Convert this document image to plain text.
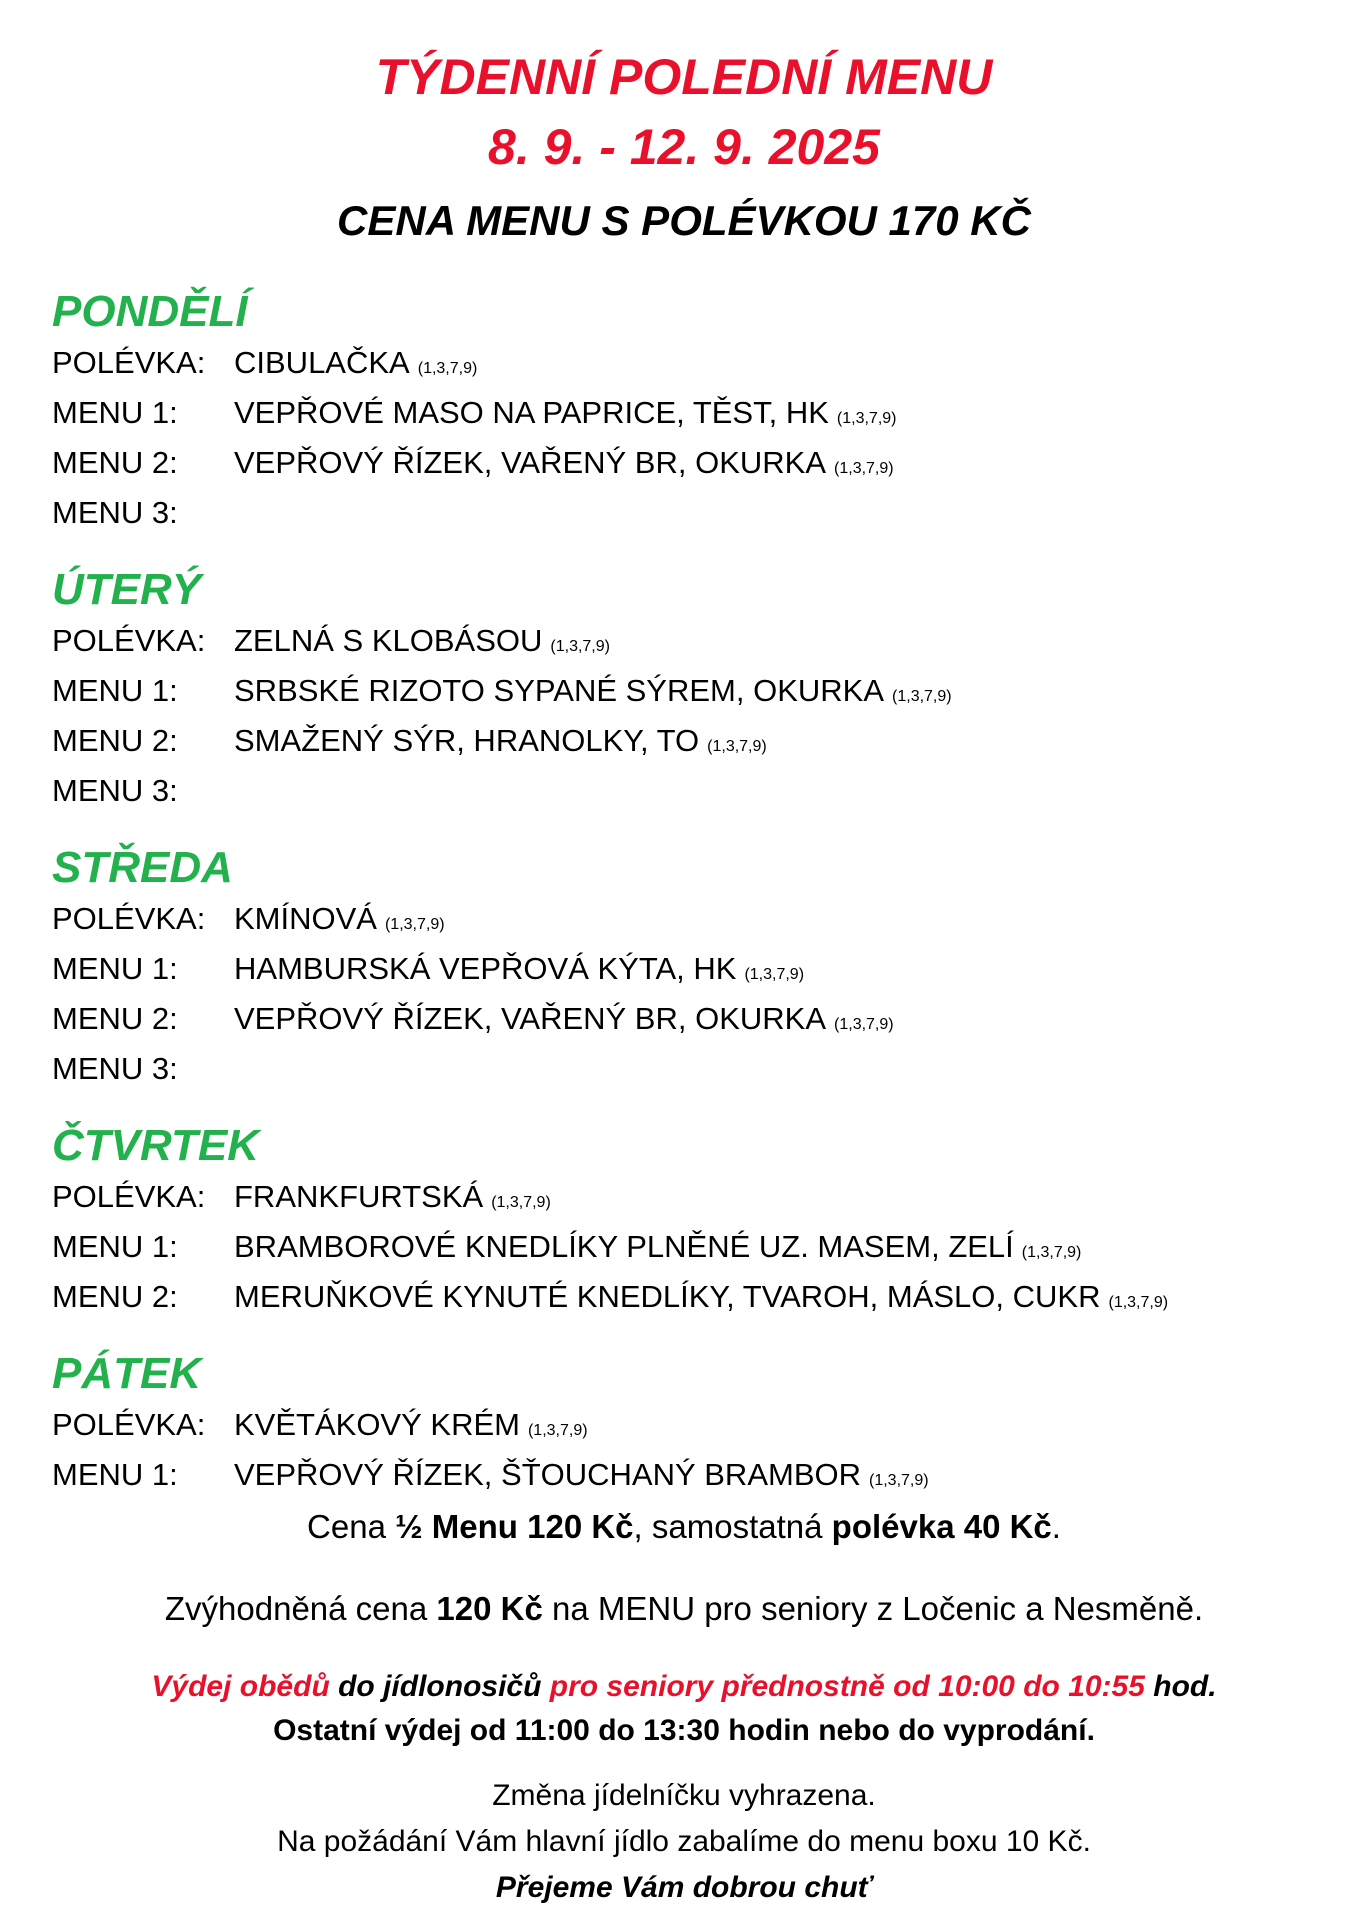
TÝDENNÍ POLEDNÍ MENU
8. 9. - 12. 9. 2025
CENA MENU S POLÉVKOU 170 KČ
PONDĚLÍ
POLÉVKA: CIBULAČKA (1,3,7,9)
MENU 1:	VEPŘOVÉ MASO NA PAPRICE, TĚST, HK (1,3,7,9)
MENU 2:	VEPŘOVÝ ŘÍZEK, VAŘENÝ BR, OKURKA (1,3,7,9)
MENU 3:
ÚTERÝ
POLÉVKA: ZELNÁ S KLOBÁSOU (1,3,7,9)
MENU 1:	SRBSKÉ RIZOTO SYPANÉ SÝREM, OKURKA (1,3,7,9)
MENU 2:	SMAŽENÝ SÝR, HRANOLKY, TO (1,3,7,9)
MENU 3:
STŘEDA
POLÉVKA: KMÍNOVÁ (1,3,7,9)
MENU 1:	HAMBURSKÁ VEPŘOVÁ KÝTA, HK (1,3,7,9)
MENU 2:	VEPŘOVÝ ŘÍZEK, VAŘENÝ BR, OKURKA (1,3,7,9)
MENU 3:
ČTVRTEK
POLÉVKA: FRANKFURTSKÁ (1,3,7,9)
MENU 1:	BRAMBOROVÉ KNEDLÍKY PLNĚNÉ UZ. MASEM, ZELÍ (1,3,7,9)
MENU 2:	MERUŇKOVÉ KYNUTÉ KNEDLÍKY, TVAROH, MÁSLO, CUKR (1,3,7,9)
PÁTEK
POLÉVKA: KVĚTÁKOVÝ KRÉM (1,3,7,9)
MENU 1:	VEPŘOVÝ ŘÍZEK, ŠŤOUCHANÝ BRAMBOR (1,3,7,9)
Cena ½ Menu 120 Kč, samostatná polévka 40 Kč.
Zvýhodněná cena 120 Kč na MENU pro seniory z Ločenic a Nesměně.
Výdej obědů do jídlonosičů pro seniory přednostně od 10:00 do 10:55 hod.
Ostatní výdej od 11:00 do 13:30 hodin nebo do vyprodání.
Změna jídelníčku vyhrazena.
Na požádání Vám hlavní jídlo zabalíme do menu boxu 10 Kč.
Přejeme Vám dobrou chuť
